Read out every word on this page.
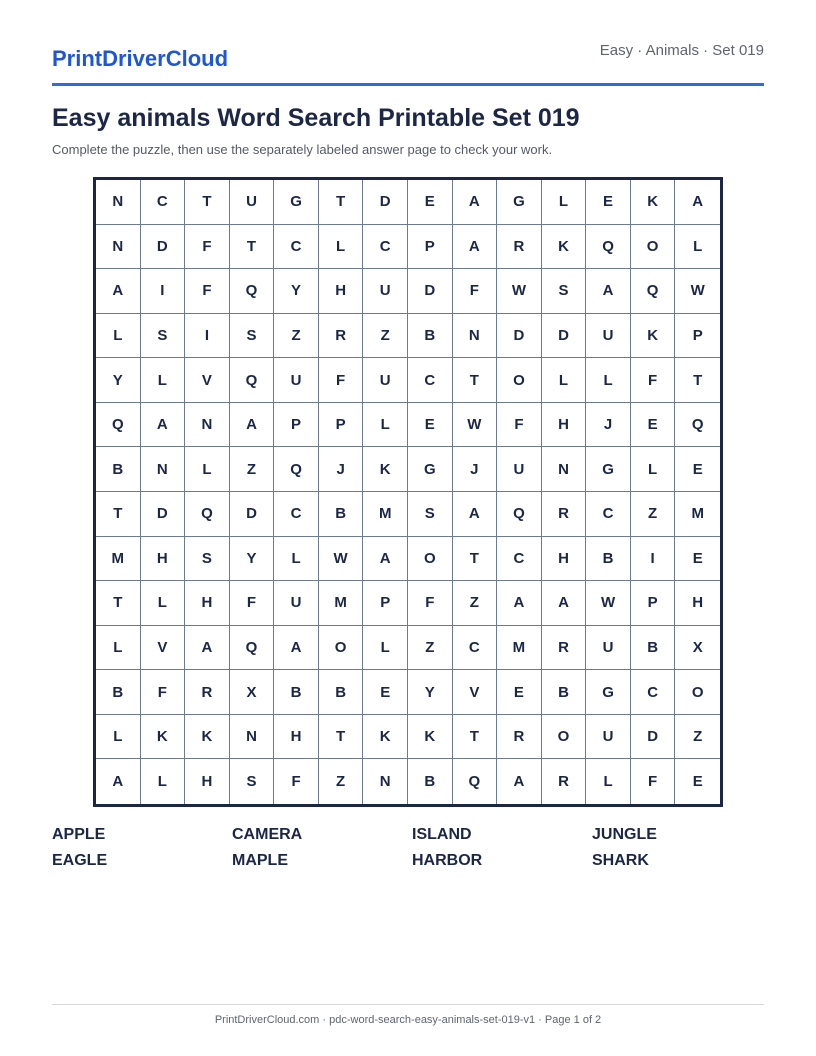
PrintDriverCloud	Easy · Animals · Set 019
Easy animals Word Search Printable Set 019
Complete the puzzle, then use the separately labeled answer page to check your work.
N	C	T	U	G	T	D	E	A	G	L	E	K	A
N	D	F	T	C	L	C	P	A	R	K	Q	O	L
A	I	F	Q	Y	H	U	D	F	W	S	A	Q	W
L	S	I	S	Z	R	Z	B	N	D	D	U	K	P
Y	L	V	Q	U	F	U	C	T	O	L	L	F	T
Q	A	N	A	P	P	L	E	W	F	H	J	E	Q
B	N	L	Z	Q	J	K	G	J	U	N	G	L	E
T	D	Q	D	C	B	M	S	A	Q	R	C	Z	M
M	H	S	Y	L	W	A	O	T	C	H	B	I	E
T	L	H	F	U	M	P	F	Z	A	A	W	P	H
L	V	A	Q	A	O	L	Z	C	M	R	U	B	X
B	F	R	X	B	B	E	Y	V	E	B	G	C	O
L	K	K	N	H	T	K	K	T	R	O	U	D	Z
A	L	H	S	F	Z	N	B	Q	A	R	L	F	E
APPLE	CAMERA	ISLAND	JUNGLE
EAGLE	MAPLE	HARBOR	SHARK
PrintDriverCloud.com · pdc-word-search-easy-animals-set-019-v1 · Page 1 of 2
